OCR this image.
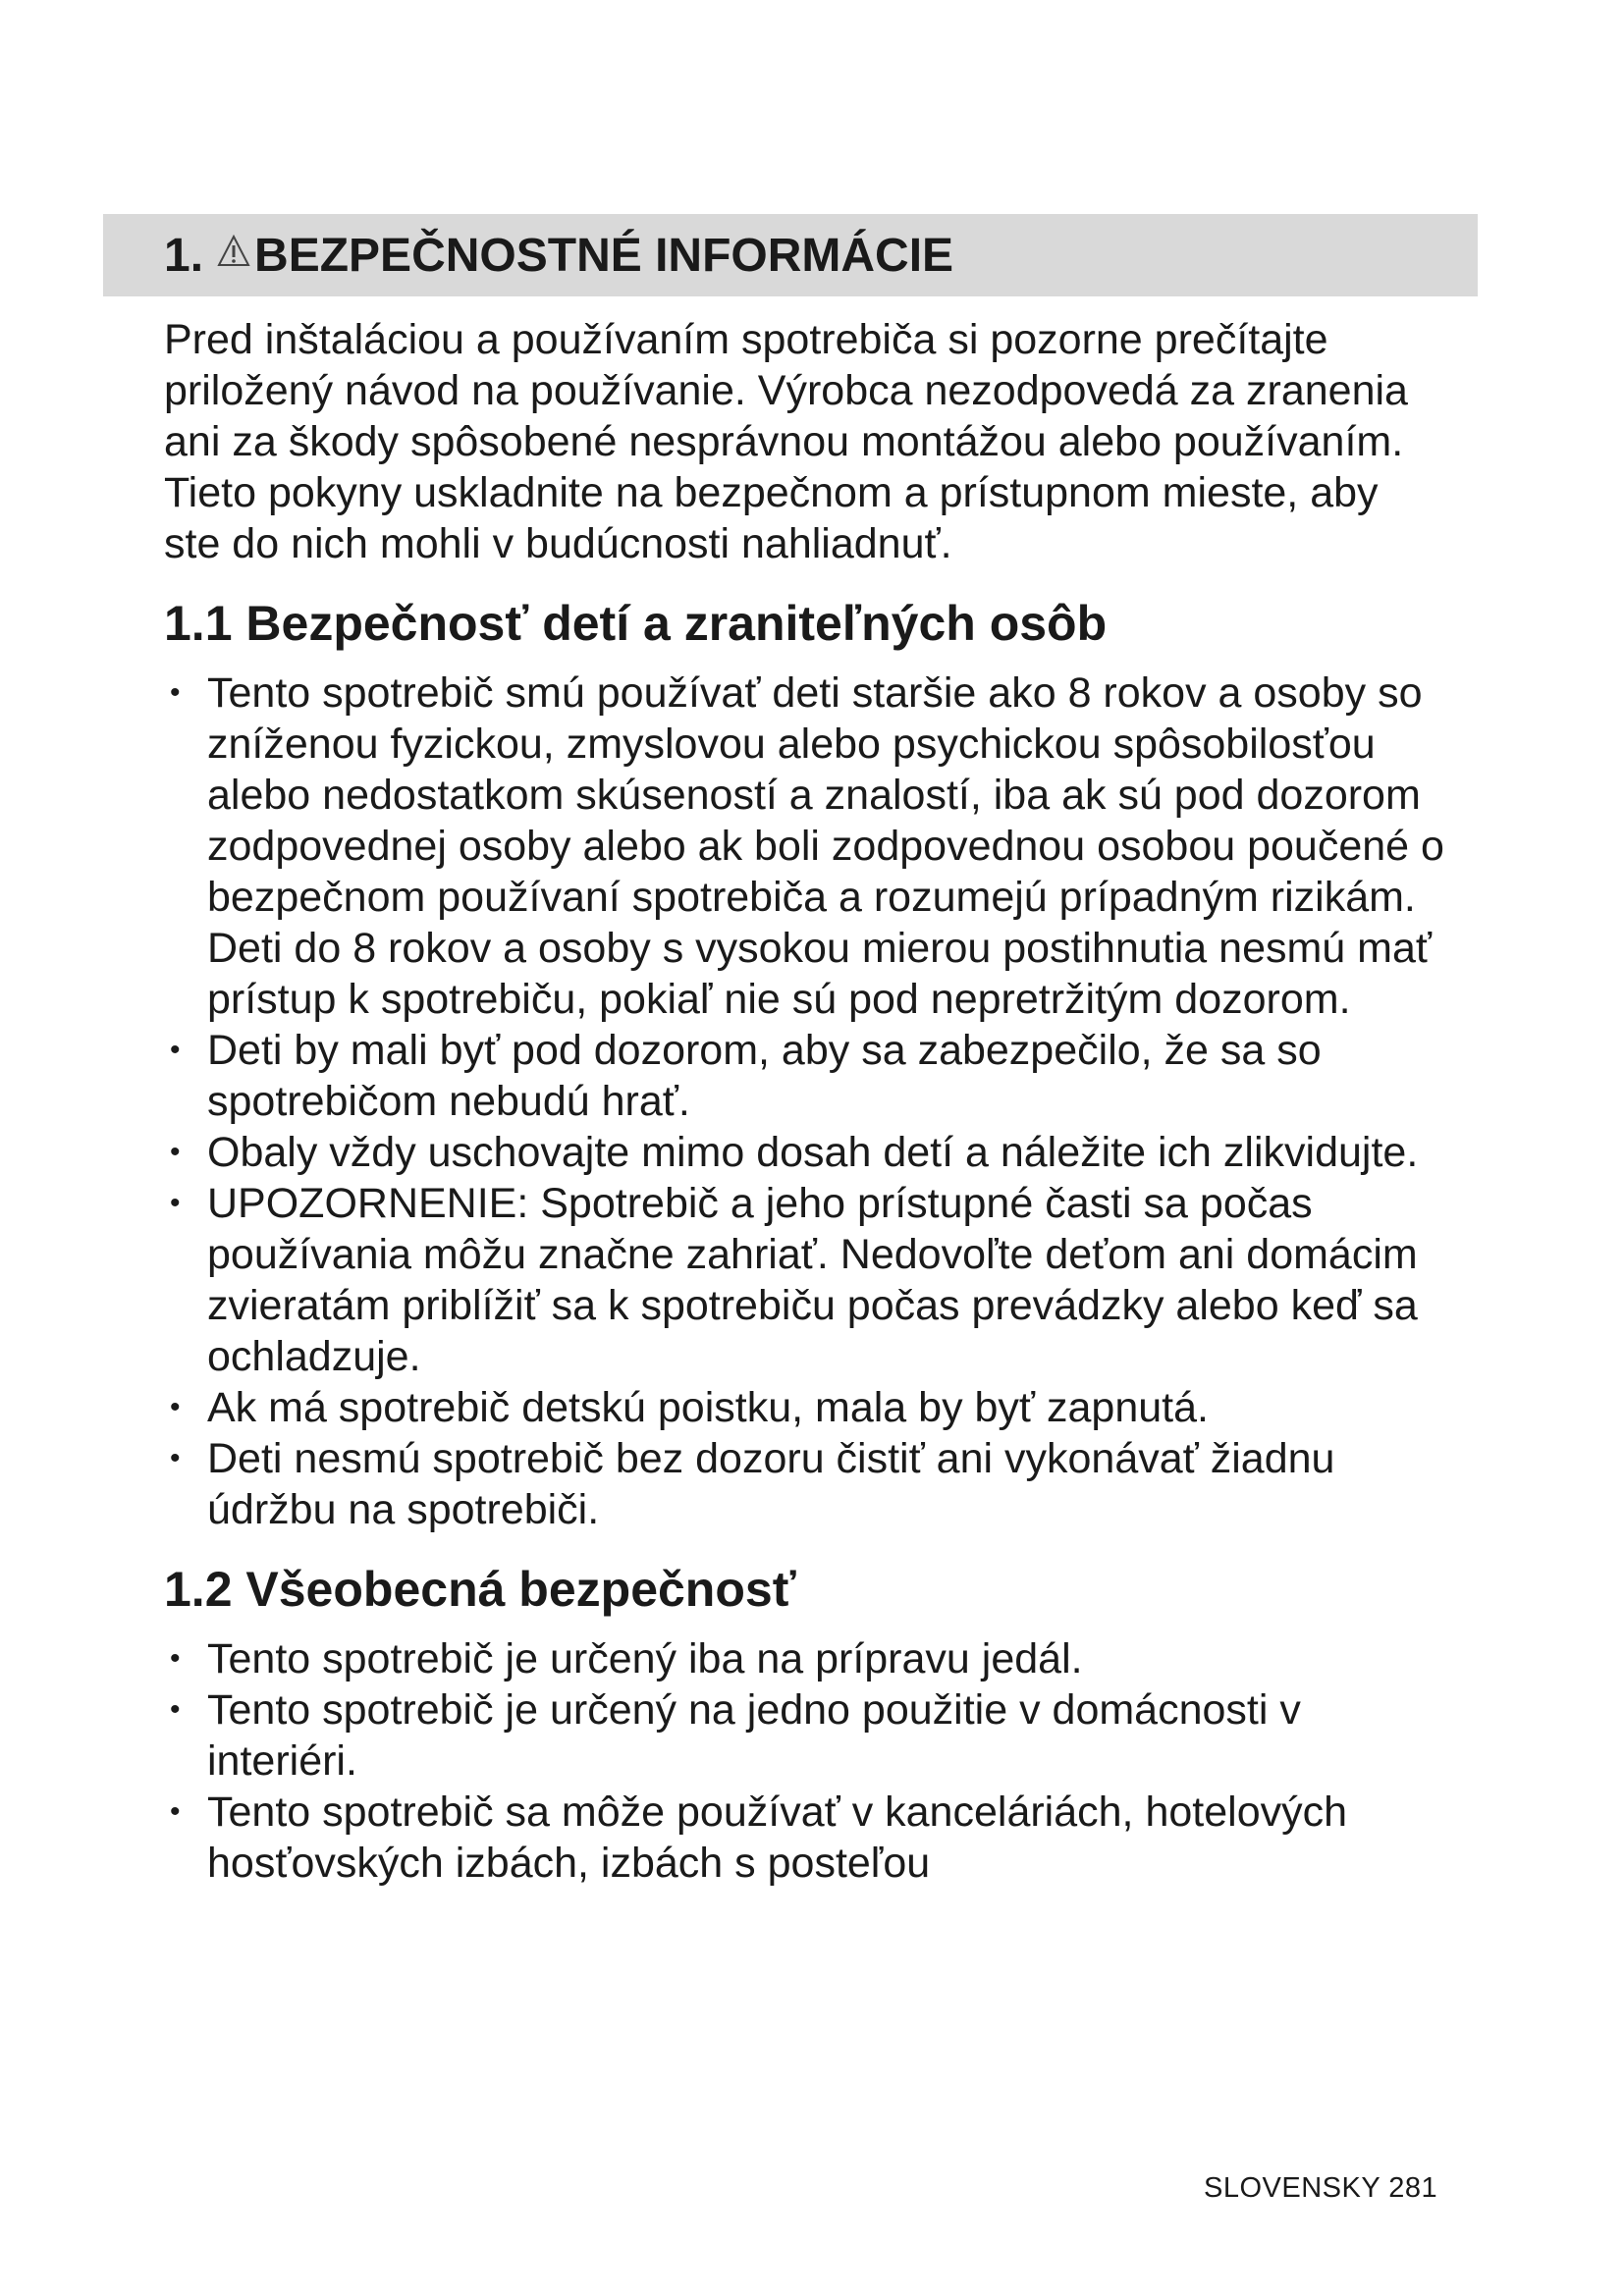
1. BEZPEČNOSTNÉ INFORMÁCIE

Pred inštaláciou a používaním spotrebiča si pozorne prečítajte priložený návod na používanie. Výrobca nezodpovedá za zranenia ani za škody spôsobené nesprávnou montážou alebo používaním. Tieto pokyny uskladnite na bezpečnom a prístupnom mieste, aby ste do nich mohli v budúcnosti nahliadnuť.

1.1 Bezpečnosť detí a zraniteľných osôb
• Tento spotrebič smú používať deti staršie ako 8 rokov a osoby so zníženou fyzickou, zmyslovou alebo psychickou spôsobilosťou alebo nedostatkom skúseností a znalostí, iba ak sú pod dozorom zodpovednej osoby alebo ak boli zodpovednou osobou poučené o bezpečnom používaní spotrebiča a rozumejú prípadným rizikám. Deti do 8 rokov a osoby s vysokou mierou postihnutia nesmú mať prístup k spotrebiču, pokiaľ nie sú pod nepretržitým dozorom.
• Deti by mali byť pod dozorom, aby sa zabezpečilo, že sa so spotrebičom nebudú hrať.
• Obaly vždy uschovajte mimo dosah detí a náležite ich zlikvidujte.
• UPOZORNENIE: Spotrebič a jeho prístupné časti sa počas používania môžu značne zahriať. Nedovoľte deťom ani domácim zvieratám priblížiť sa k spotrebiču počas prevádzky alebo keď sa ochladzuje.
• Ak má spotrebič detskú poistku, mala by byť zapnutá.
• Deti nesmú spotrebič bez dozoru čistiť ani vykonávať žiadnu údržbu na spotrebiči.
1.2 Všeobecná bezpečnosť
• Tento spotrebič je určený iba na prípravu jedál.
• Tento spotrebič je určený na jedno použitie v domácnosti v interiéri.
• Tento spotrebič sa môže používať v kanceláriách, hotelových hosťovských izbách, izbách s posteľou
SLOVENSKY 281
